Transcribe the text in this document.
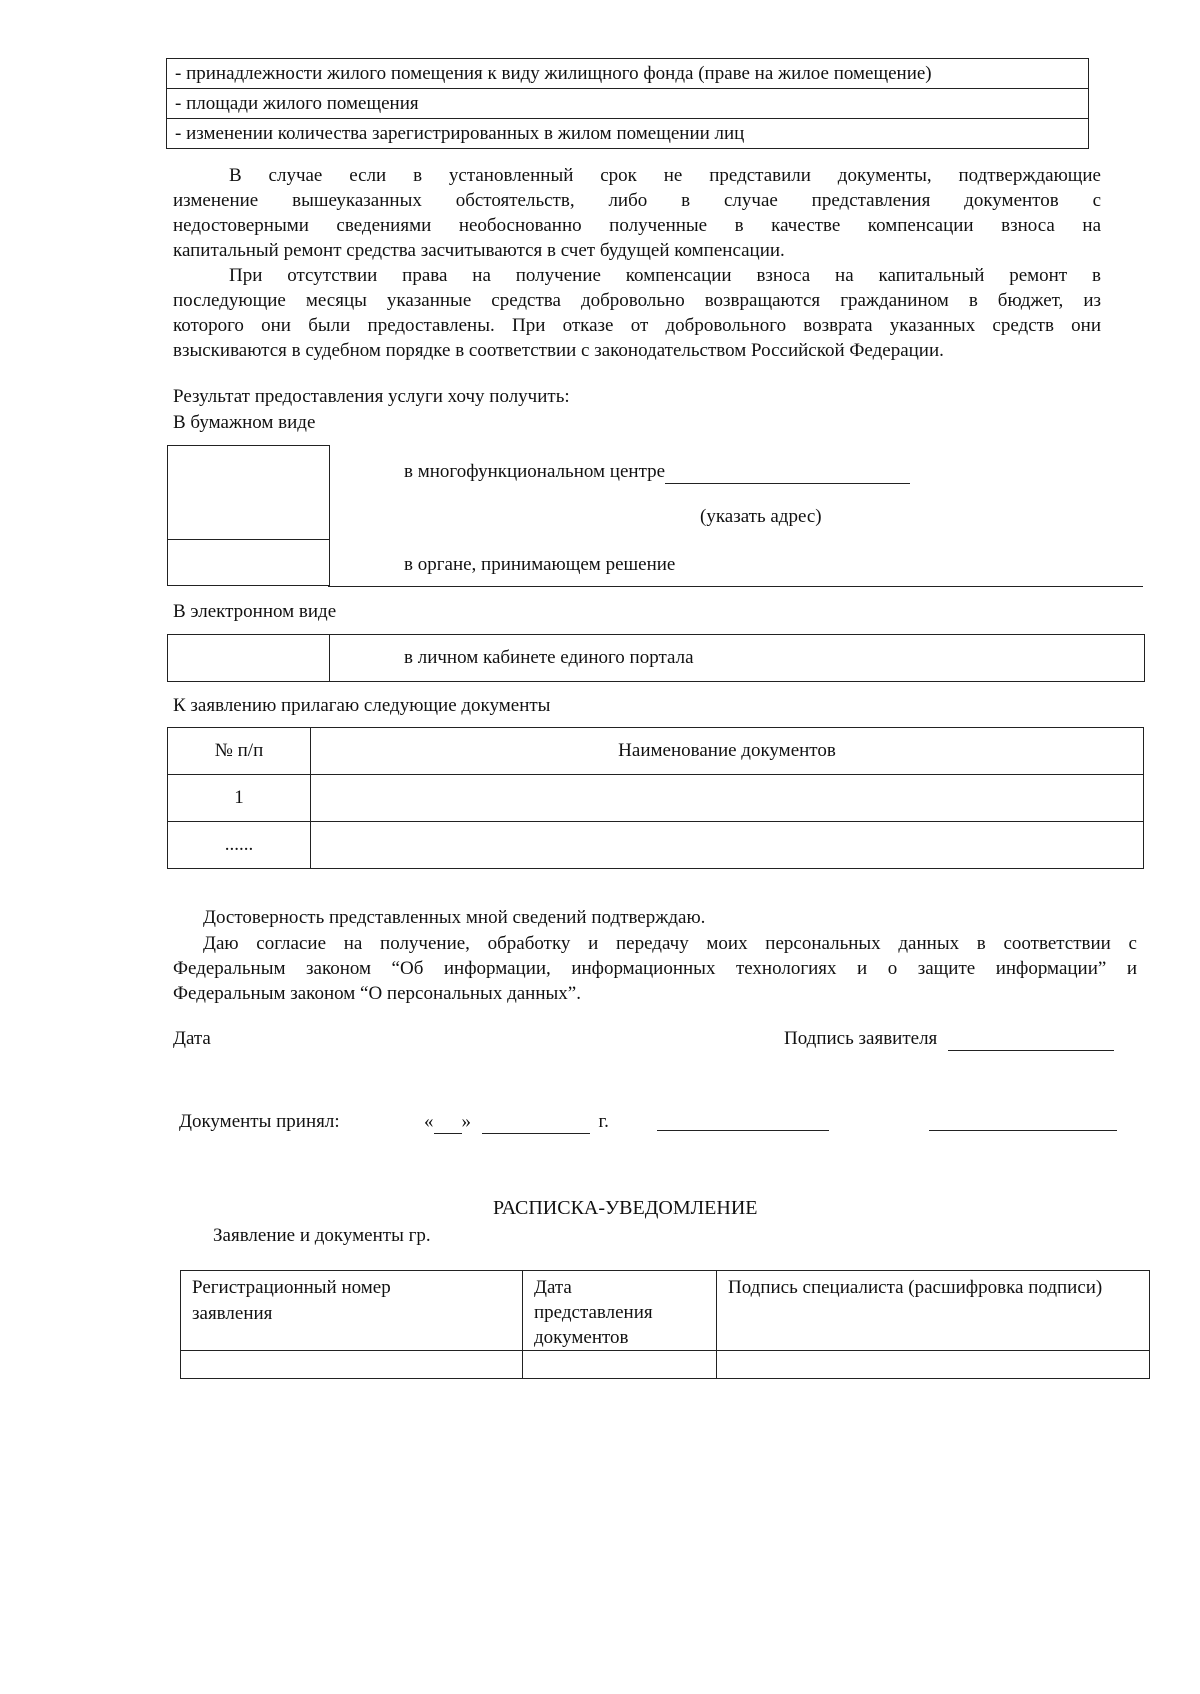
- принадлежности жилого помещения к виду жилищного фонда (праве на жилое помещение)
- площади жилого помещения
- изменении количества зарегистрированных в жилом помещении лиц
В случае если в установленный срок не представили документы, подтверждающие
изменение вышеуказанных обстоятельств, либо в случае представления документов с
недостоверными сведениями необоснованно полученные в качестве компенсации взноса на
капитальный ремонт средства засчитываются в счет будущей компенсации.
При отсутствии права на получение компенсации взноса на капитальный ремонт в
последующие месяцы указанные средства добровольно возвращаются гражданином в бюджет, из
которого они были предоставлены. При отказе от добровольного возврата указанных средств они
взыскиваются в судебном порядке в соответствии с законодательством Российской Федерации.
Результат предоставления услуги хочу получить:
В бумажном виде
в многофункциональном центре
(указать адрес)
в органе, принимающем решение
В электронном виде
в личном кабинете единого портала
К заявлению прилагаю следующие документы
№ п/п	Наименование документов
1	
......	
Достоверность представленных мной сведений подтверждаю.
Даю согласие на получение, обработку и передачу моих персональных данных в соответствии с
Федеральным законом “Об информации, информационных технологиях и о защите информации” и
Федеральным законом “О персональных данных”.
Дата	Подпись заявителя
Документы принял:	« »	г.
РАСПИСКА-УВЕДОМЛЕНИЕ
Заявление и документы гр.
Регистрационный номер заявления	Дата представления документов	Подпись специалиста (расшифровка подписи)
